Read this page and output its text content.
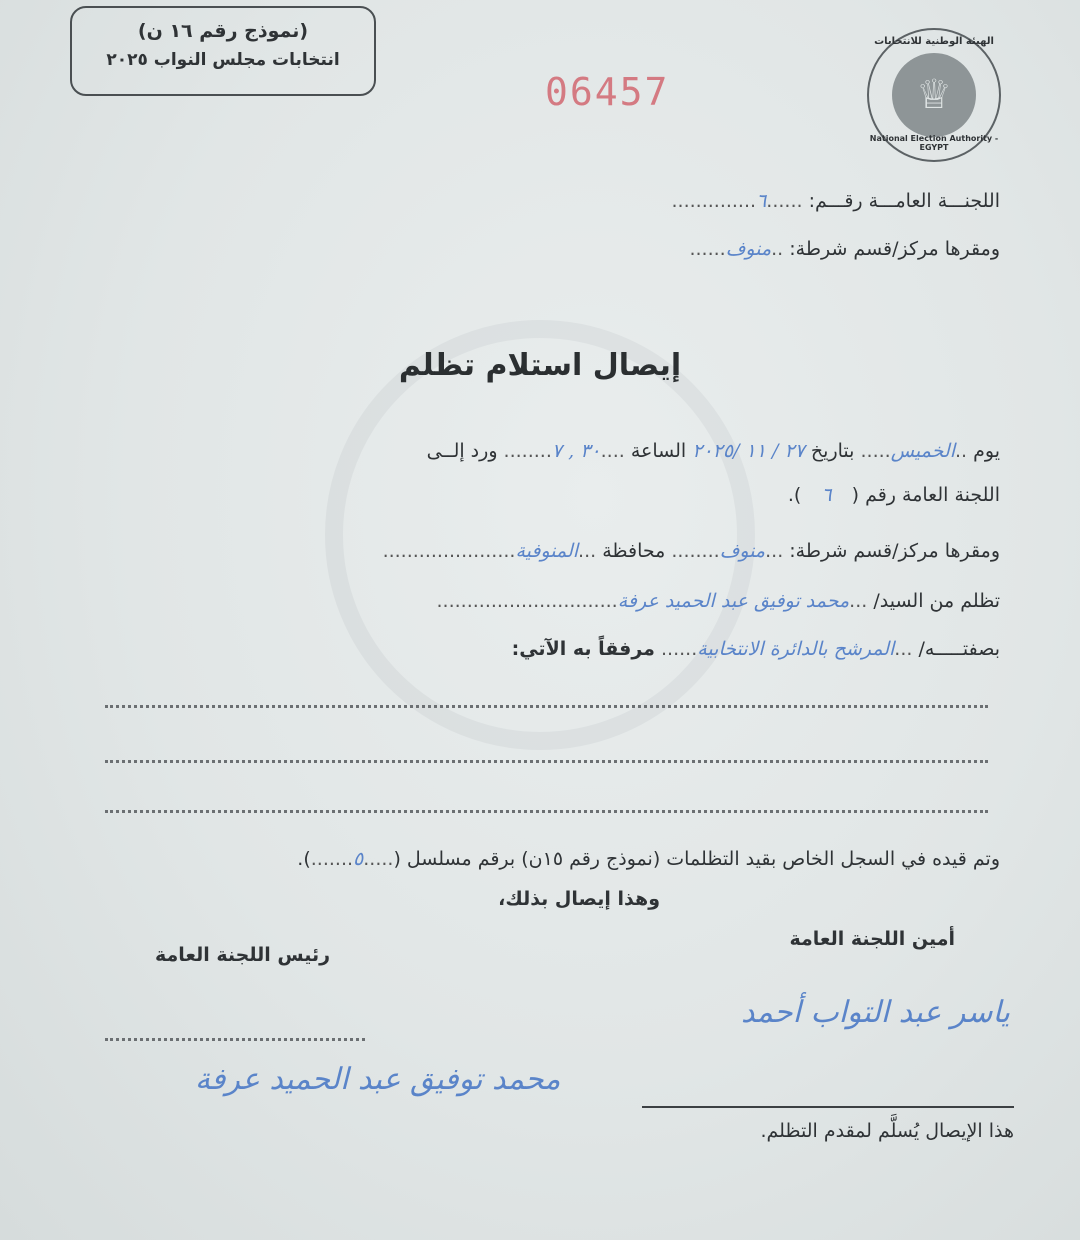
(نموذج رقم ١٦ ن)
انتخابات مجلس النواب ٢٠٢٥
06457
الهيئة الوطنية للانتخابات
♕
National Election Authority - EGYPT
اللجنـــة العامـــة رقـــم: ......٦..............
ومقرها مركز/قسم شرطة: ..منوف......
إيصال استلام تظلم
يوم ..الخميس..... بتاريخ ٢٧ / ١١ /٢٠٢٥ الساعة ....٣٠ , ٧........ ورد إلــى
اللجنة العامة رقم ( ٦ ).
ومقرها مركز/قسم شرطة: ...منوف........ محافظة ...المنوفية......................
تظلم من السيد/ ...محمد توفيق عبد الحميد عرفة..............................
بصفتـــــه/ ...المرشح بالدائرة الانتخابية...... مرفقاً به الآتي:
وتم قيده في السجل الخاص بقيد التظلمات (نموذج رقم ١٥ن) برقم مسلسل (.....٥.......).
وهذا إيصال بذلك،
أمين اللجنة العامة
رئيس اللجنة العامة
ياسر عبد التواب أحمد
محمد توفيق عبد الحميد عرفة
هذا الإيصال يُسلَّم لمقدم التظلم.
